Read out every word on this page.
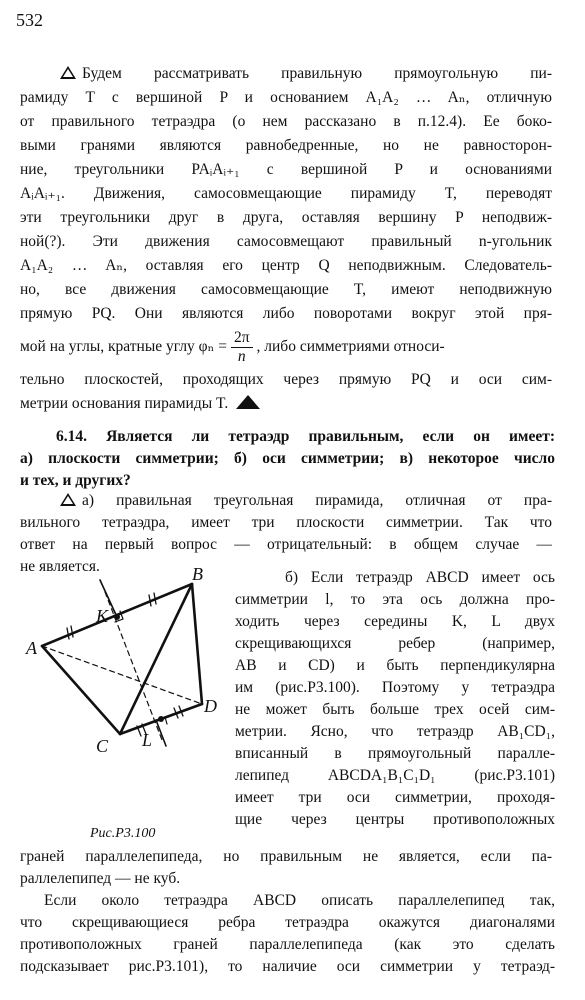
532
Будем рассматривать правильную прямоугольную пи-
рамиду T с вершиной P и основанием A₁A₂ … Aₙ, отличную
от правильного тетраэдра (о нем рассказано в п.12.4). Ее боко-
выми гранями являются равнобедренные, но не равносторон-
ние, треугольники PAᵢAᵢ₊₁ с вершиной P и основаниями
AᵢAᵢ₊₁. Движения, самосовмещающие пирамиду T, переводят
эти треугольники друг в друга, оставляя вершину P неподвиж-
ной(?). Эти движения самосовмещают правильный n-угольник
A₁A₂ … Aₙ, оставляя его центр Q неподвижным. Следователь-
но, все движения самосовмещающие T, имеют неподвижную
прямую PQ. Они являются либо поворотами вокруг этой пря-
мой на углы, кратные углу $\varphi_n = \frac{2\pi}{n}$ , либо симметриями относи-
тельно плоскостей, проходящих через прямую PQ и оси сим-
метрии основания пирамиды T.
6.14. Является ли тетраэдр правильным, если он имеет:
а) плоскости симметрии; б) оси симметрии; в) некоторое число
и тех, и других?
а) правильная треугольная пирамида, отличная от пра-
вильного тетраэдра, имеет три плоскости симметрии. Так что
ответ на первый вопрос — отрицательный: в общем случае —
не является.
A
B
C
D
K
L
Рис.P3.100
б) Если тетраэдр ABCD имеет ось
симметрии l, то эта ось должна про-
ходить через середины K, L двух
скрещивающихся ребер (например,
AB и CD) и быть перпендикулярна
им (рис.P3.100). Поэтому у тетраэдра
не может быть больше трех осей сим-
метрии. Ясно, что тетраэдр AB₁CD₁,
вписанный в прямоугольный паралле-
лепипед ABCDA₁B₁C₁D₁ (рис.P3.101)
имеет три оси симметрии, проходя-
щие через центры противоположных
граней параллелепипеда, но правильным не является, если па-
раллелепипед — не куб.
Если около тетраэдра ABCD описать параллелепипед так,
что скрещивающиеся ребра тетраэдра окажутся диагоналями
противоположных граней параллелепипеда (как это сделать
подсказывает рис.P3.101), то наличие оси симметрии у тетраэд-
